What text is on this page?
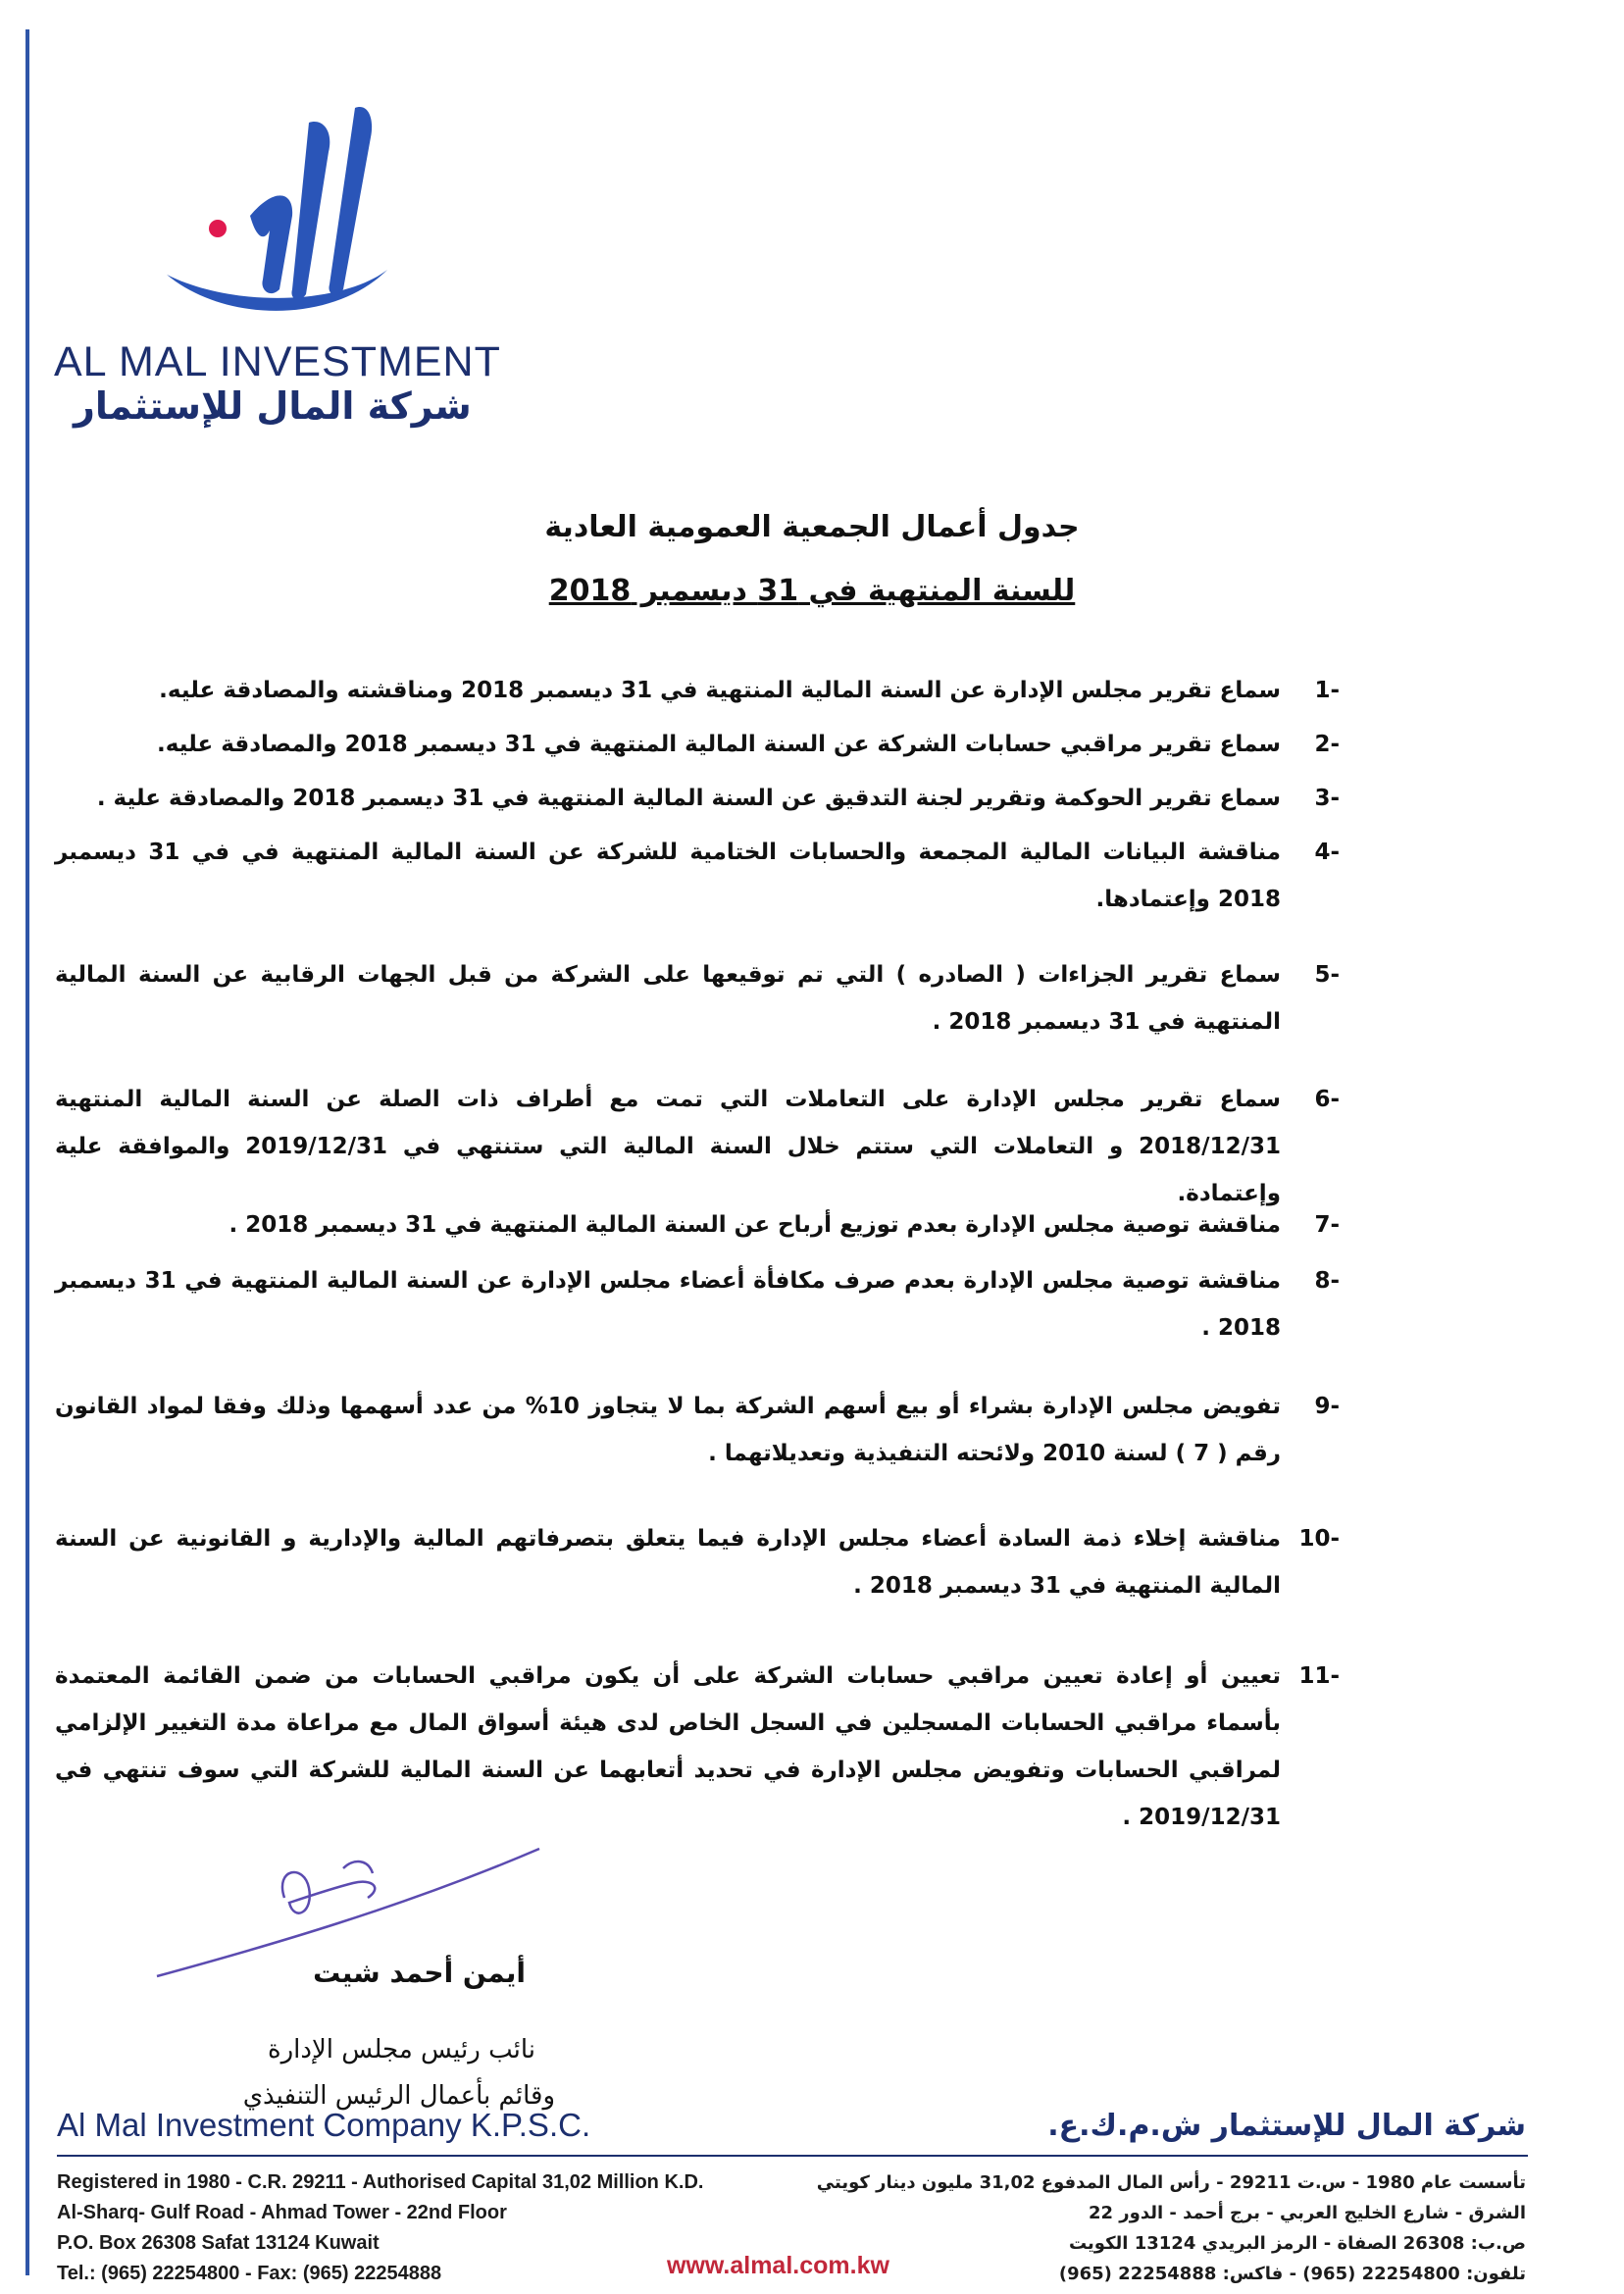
AL MAL INVESTMENT
شركة المال للإستثمار
جدول أعمال الجمعية العمومية العادية
للسنة المنتهية في 31 ديسمبر 2018
-1
سماع تقرير مجلس الإدارة عن السنة المالية المنتهية في 31 ديسمبر 2018 ومناقشته والمصادقة عليه.
-2
سماع تقرير مراقبي حسابات الشركة عن السنة المالية المنتهية في 31 ديسمبر 2018 والمصادقة عليه.
-3
سماع تقرير الحوكمة وتقرير لجنة التدقيق عن السنة المالية المنتهية في 31 ديسمبر 2018 والمصادقة علية .
-4
مناقشة البيانات المالية المجمعة والحسابات الختامية للشركة عن السنة المالية المنتهية في في 31 ديسمبر 2018 وإعتمادها.
-5
سماع تقرير الجزاءات ( الصادره ) التي تم توقيعها على الشركة من قبل الجهات الرقابية عن السنة المالية المنتهية في 31 ديسمبر 2018 .
-6
سماع تقرير مجلس الإدارة على التعاملات التي تمت مع أطراف ذات الصلة عن السنة المالية المنتهية 2018/12/31 و التعاملات التي ستتم خلال السنة المالية التي ستنتهي في 2019/12/31 والموافقة علية وإعتمادة.
-7
مناقشة توصية مجلس الإدارة بعدم توزيع أرباح عن السنة المالية المنتهية في 31 ديسمبر 2018 .
-8
مناقشة توصية مجلس الإدارة بعدم صرف مكافأة أعضاء مجلس الإدارة عن السنة المالية المنتهية في 31 ديسمبر 2018 .
-9
تفويض مجلس الإدارة بشراء أو بيع أسهم الشركة بما لا يتجاوز 10% من عدد أسهمها وذلك وفقا لمواد القانون رقم ( 7 ) لسنة 2010 ولائحته التنفيذية وتعديلاتهما .
-10
مناقشة إخلاء ذمة السادة أعضاء مجلس الإدارة فيما يتعلق بتصرفاتهم المالية والإدارية و القانونية عن السنة المالية المنتهية في 31 ديسمبر 2018 .
-11
تعيين أو إعادة تعيين مراقبي حسابات الشركة على أن يكون مراقبي الحسابات من ضمن القائمة المعتمدة بأسماء مراقبي الحسابات المسجلين في السجل الخاص لدى هيئة أسواق المال مع مراعاة مدة التغيير الإلزامي لمراقبي الحسابات وتفويض مجلس الإدارة في تحديد أتعابهما عن السنة المالية للشركة التي سوف تنتهي في 2019/12/31 .
أيمن أحمد شيت
نائب رئيس مجلس الإدارة
وقائم بأعمال الرئيس التنفيذي
Al Mal Investment Company K.P.S.C.	شركة المال للإستثمار ش.م.ك.ع.
Registered in 1980 - C.R. 29211 - Authorised Capital 31,02 Million K.D.
Al-Sharq- Gulf Road - Ahmad Tower - 22nd Floor
P.O. Box 26308 Safat 13124 Kuwait
Tel.: (965) 22254800 - Fax: (965) 22254888
تأسست عام 1980 - س.ت 29211 - رأس المال المدفوع 31,02 مليون دينار كويتي
الشرق - شارع الخليج العربي - برج أحمد - الدور 22
ص.ب: 26308 الصفاة - الرمز البريدي 13124 الكويت
تلفون: 22254800 (965) - فاكس: 22254888 (965)
www.almal.com.kw
